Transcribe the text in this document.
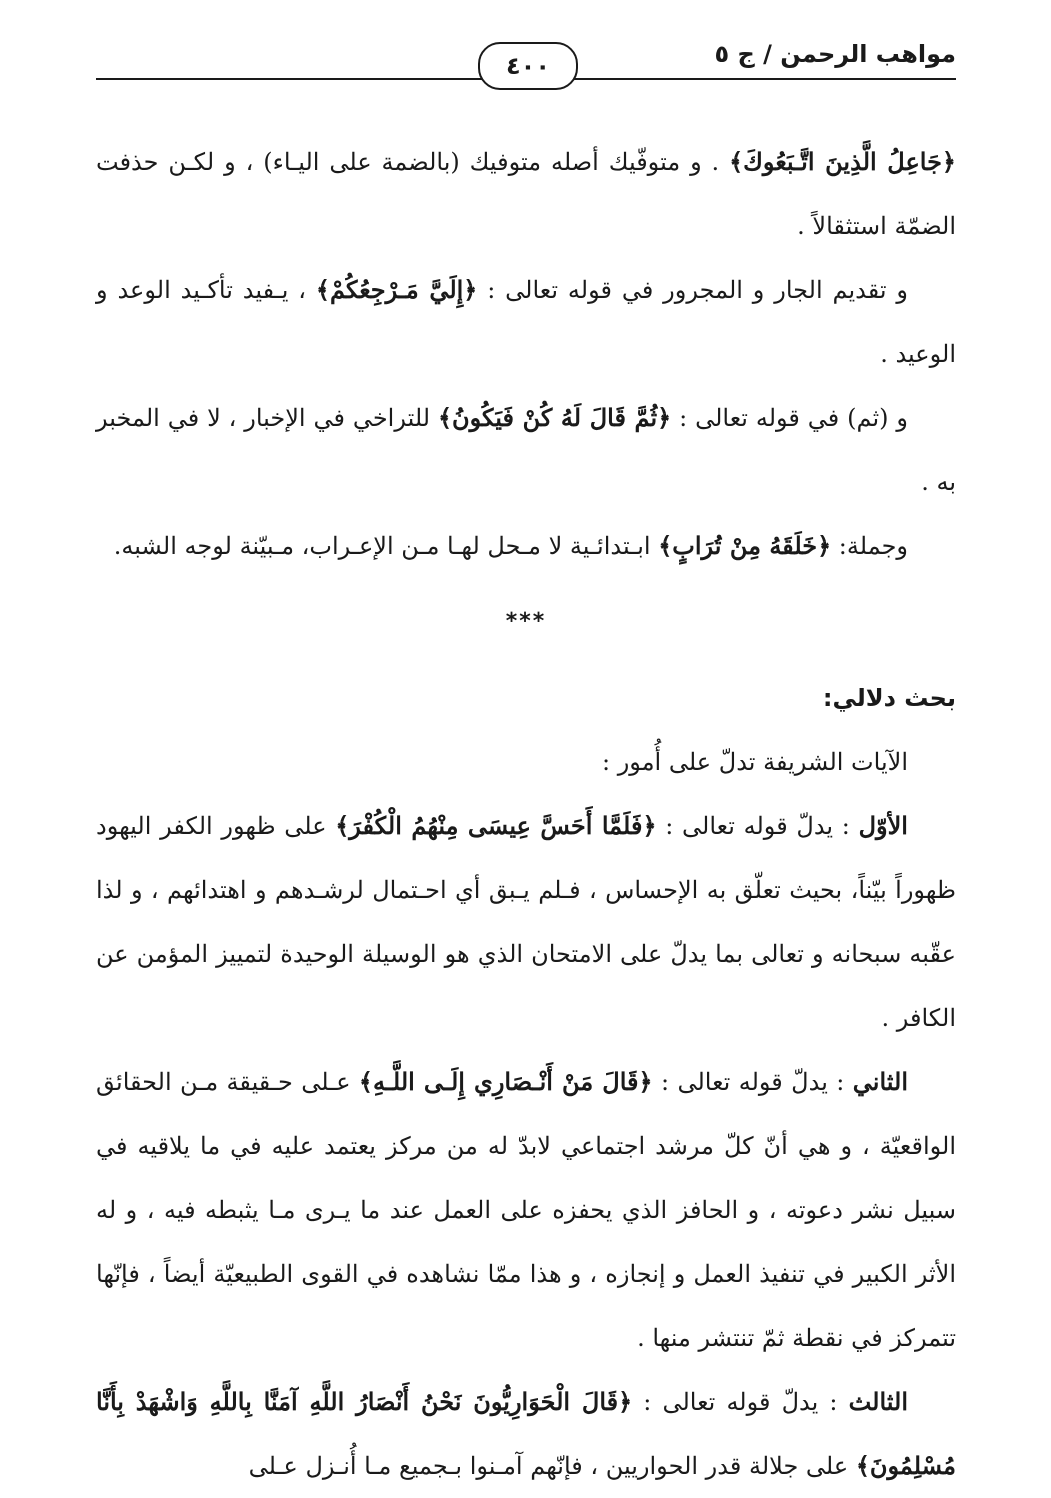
مواهب الرحمن / ج ٥
٤٠٠

﴿جَاعِلُ الَّذِينَ اتَّـبَعُوكَ﴾ . و متوفّيك أصله متوفيك (بالضمة على اليـاء) ، و لكـن حذفت الضمّة استثقالاً .

و تقديم الجار و المجرور في قوله تعالى : ﴿إِلَيَّ مَـرْجِعُكُمْ﴾ ، يـفيد تأكـيد الوعد و الوعيد .

و (ثم) في قوله تعالى : ﴿ثُمَّ قَالَ لَهُ كُنْ فَيَكُونُ﴾ للتراخي في الإخبار ، لا في المخبر به .

وجملة: ﴿خَلَقَهُ مِنْ تُرَابٍ﴾ ابـتدائـية لا مـحل لهـا مـن الإعـراب، مـبيّنة لوجه الشبه.

***

بحث دلالي:

الآيات الشريفة تدلّ على أُمور :

الأوّل : يدلّ قوله تعالى : ﴿فَلَمَّا أَحَسَّ عِيسَى مِنْهُمُ الْكُفْرَ﴾ على ظهور الكفر اليهود ظهوراً بيّناً، بحيث تعلّق به الإحساس ، فـلم يـبق أي احـتمال لرشـدهم و اهتدائهم ، و لذا عقّبه سبحانه و تعالى بما يدلّ على الامتحان الذي هو الوسيلة الوحيدة لتمييز المؤمن عن الكافر .

الثاني : يدلّ قوله تعالى : ﴿قَالَ مَنْ أَنْـصَارِي إِلَـى اللَّـهِ﴾ عـلى حـقيقة مـن الحقائق الواقعيّة ، و هي أنّ كلّ مرشد اجتماعي لابدّ له من مركز يعتمد عليه في ما يلاقيه في سبيل نشر دعوته ، و الحافز الذي يحفزه على العمل عند ما يـرى مـا يثبطه فيه ، و له الأثر الكبير في تنفيذ العمل و إنجازه ، و هذا ممّا نشاهده في القوى الطبيعيّة أيضاً ، فإنّها تتمركز في نقطة ثمّ تنتشر منها .

الثالث : يدلّ قوله تعالى : ﴿قَالَ الْحَوَارِيُّونَ نَحْنُ أَنْصَارُ اللَّهِ آمَنَّا بِاللَّهِ وَاشْهَدْ بِأَنَّا مُسْلِمُونَ﴾ على جلالة قدر الحواريين ، فإنّهم آمـنوا بـجميع مـا أُنـزل عـلى
